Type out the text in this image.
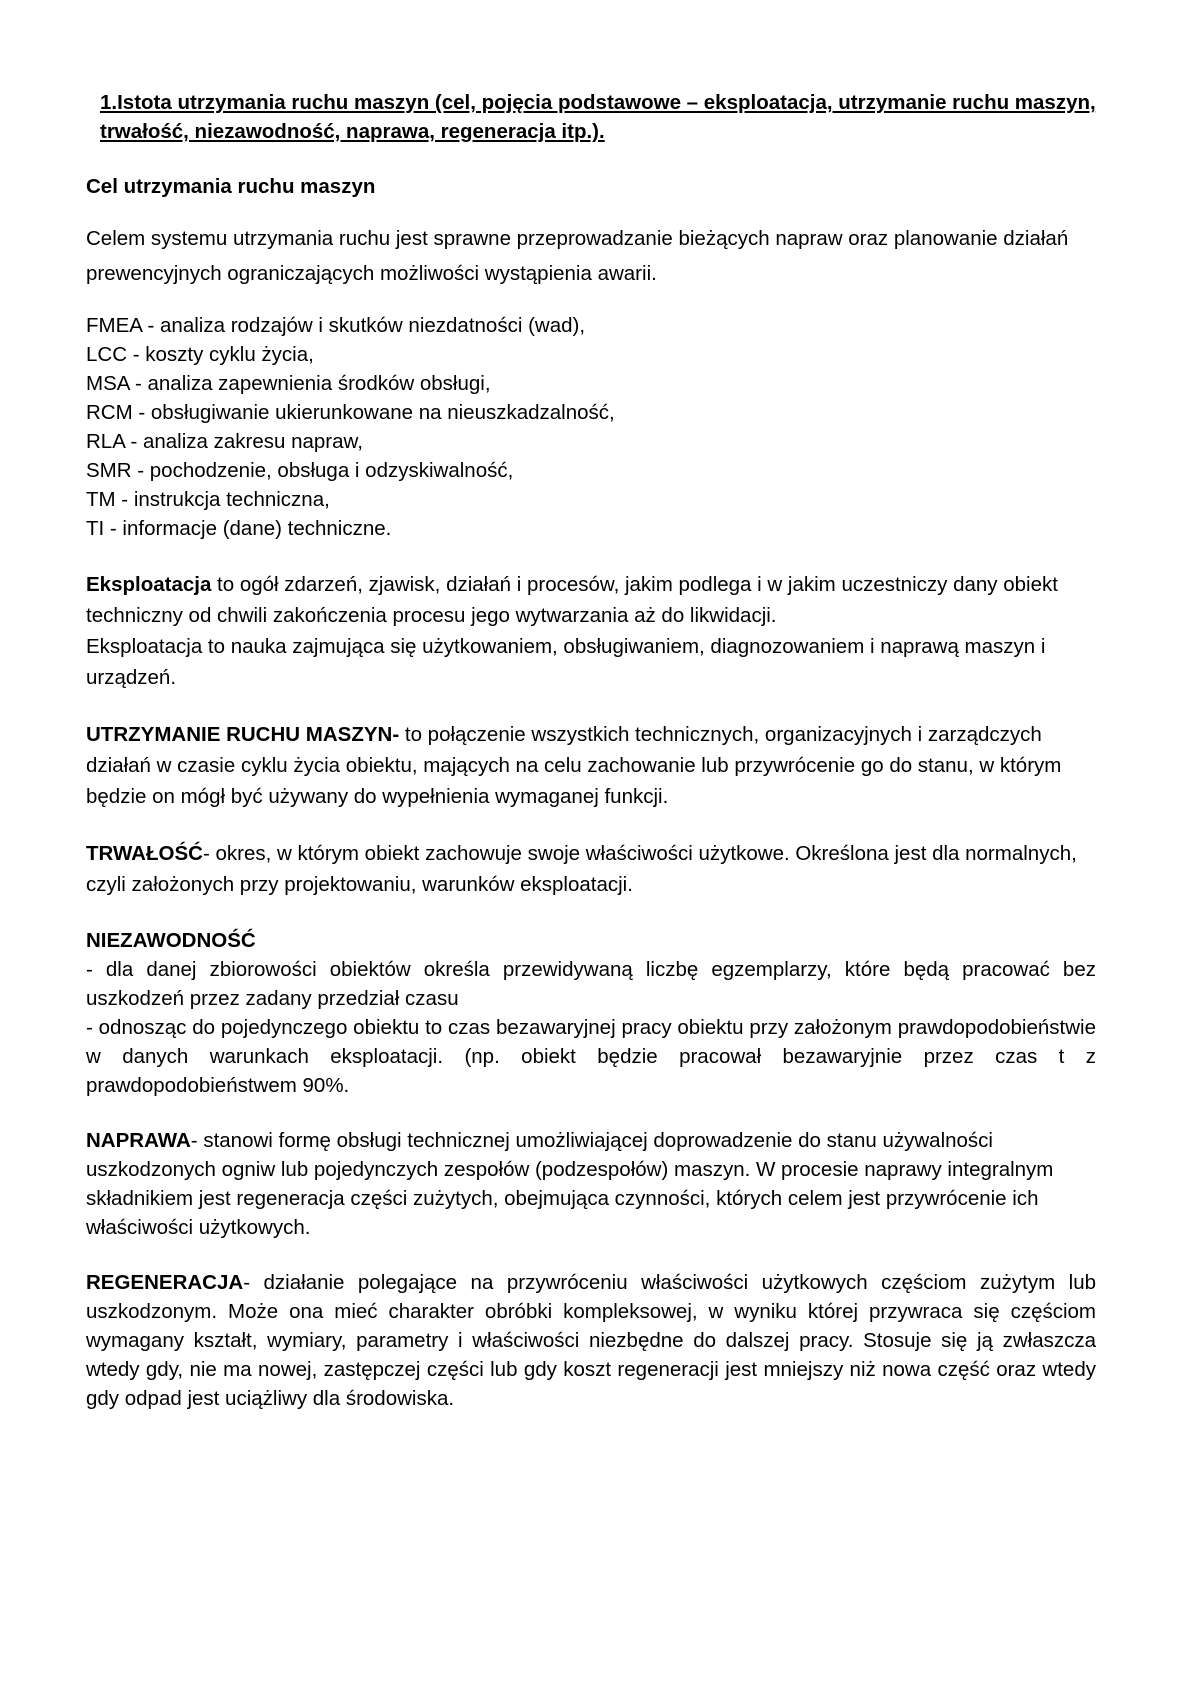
1.Istota utrzymania ruchu maszyn (cel, pojęcia podstawowe – eksploatacja, utrzymanie ruchu maszyn, trwałość, niezawodność, naprawa, regeneracja itp.).

Cel utrzymania ruchu maszyn

Celem systemu utrzymania ruchu jest sprawne przeprowadzanie bieżących napraw oraz planowanie działań prewencyjnych ograniczających możliwości wystąpienia awarii.

FMEA - analiza rodzajów i skutków niezdatności (wad),
LCC - koszty cyklu życia,
MSA - analiza zapewnienia środków obsługi,
RCM - obsługiwanie ukierunkowane na nieuszkadzalność,
RLA - analiza zakresu napraw,
SMR - pochodzenie, obsługa i odzyskiwalność,
TM - instrukcja techniczna,
TI - informacje (dane) techniczne.

Eksploatacja to ogół zdarzeń, zjawisk, działań i procesów, jakim podlega i w jakim uczestniczy dany obiekt techniczny od chwili zakończenia procesu jego wytwarzania aż do likwidacji.

Eksploatacja to nauka zajmująca się użytkowaniem, obsługiwaniem, diagnozowaniem i naprawą maszyn i urządzeń.

UTRZYMANIE RUCHU MASZYN- to połączenie wszystkich technicznych, organizacyjnych i zarządczych działań w czasie cyklu życia obiektu, mających na celu zachowanie lub przywrócenie go do stanu, w którym będzie on mógł być używany do wypełnienia wymaganej funkcji.

TRWAŁOŚĆ- okres, w którym obiekt zachowuje swoje właściwości użytkowe. Określona jest dla normalnych, czyli założonych przy projektowaniu, warunków eksploatacji.

NIEZAWODNOŚĆ

- dla danej zbiorowości obiektów określa przewidywaną liczbę egzemplarzy, które będą pracować bez uszkodzeń przez zadany przedział czasu

- odnosząc do pojedynczego obiektu to czas bezawaryjnej pracy obiektu przy założonym prawdopodobieństwie w danych warunkach eksploatacji. (np. obiekt będzie pracował bezawaryjnie przez czas t z prawdopodobieństwem 90%.

NAPRAWA- stanowi formę obsługi technicznej umożliwiającej doprowadzenie do stanu używalności uszkodzonych ogniw lub pojedynczych zespołów (podzespołów) maszyn. W procesie naprawy integralnym składnikiem jest regeneracja części zużytych, obejmująca czynności, których celem jest przywrócenie ich właściwości użytkowych.

REGENERACJA- działanie polegające na przywróceniu właściwości użytkowych częściom zużytym lub uszkodzonym. Może ona mieć charakter obróbki kompleksowej, w wyniku której przywraca się częściom wymagany kształt, wymiary, parametry i właściwości niezbędne do dalszej pracy. Stosuje się ją zwłaszcza wtedy gdy, nie ma nowej, zastępczej części lub gdy koszt regeneracji jest mniejszy niż nowa część oraz wtedy gdy odpad jest uciążliwy dla środowiska.
